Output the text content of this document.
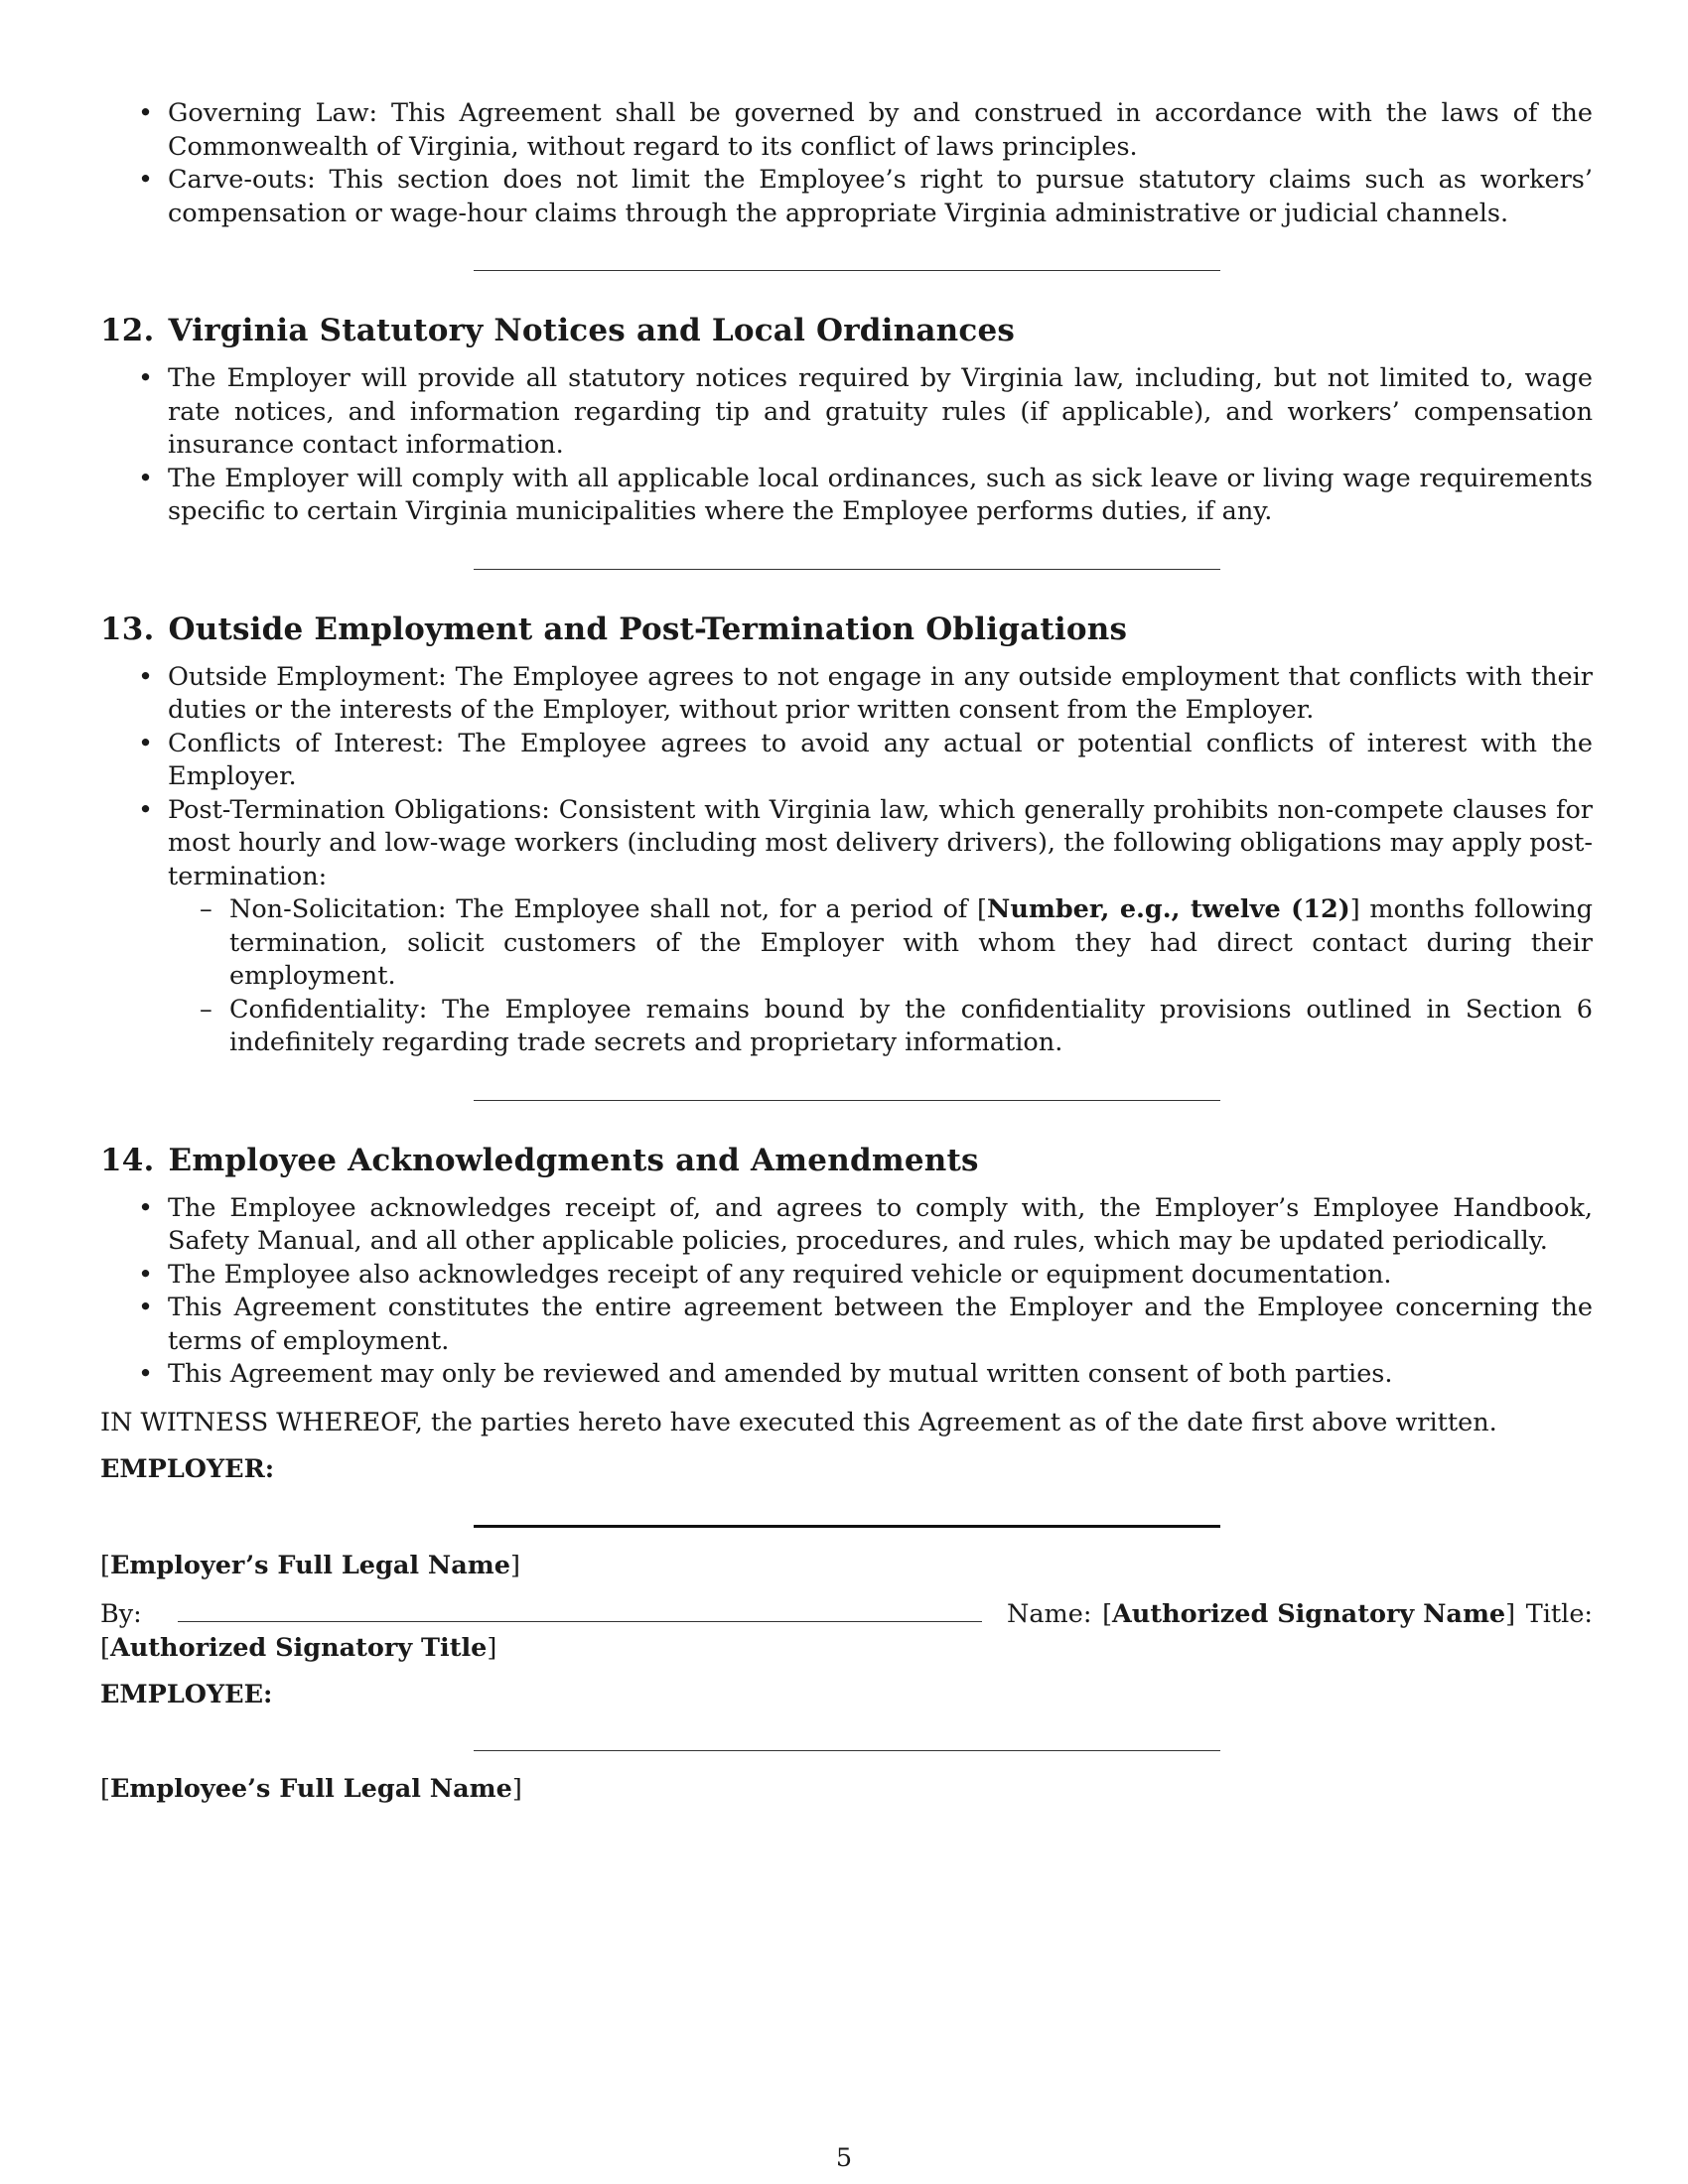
• Governing Law: This Agreement shall be governed by and construed in accordance with the laws of the Commonwealth of Virginia, without regard to its conflict of laws principles.
• Carve-outs: This section does not limit the Employee’s right to pursue statutory claims such as workers’ compensation or wage-hour claims through the appropriate Virginia administrative or judicial channels.
12. Virginia Statutory Notices and Local Ordinances
• The Employer will provide all statutory notices required by Virginia law, including, but not limited to, wage rate notices, and information regarding tip and gratuity rules (if applicable), and workers’ compensation insurance contact information.
• The Employer will comply with all applicable local ordinances, such as sick leave or living wage requirements specific to certain Virginia municipalities where the Employee performs duties, if any.
13. Outside Employment and Post-Termination Obligations
• Outside Employment: The Employee agrees to not engage in any outside employment that conflicts with their duties or the interests of the Employer, without prior written consent from the Employer.
• Conflicts of Interest: The Employee agrees to avoid any actual or potential conflicts of interest with the Employer.
• Post-Termination Obligations: Consistent with Virginia law, which generally prohibits non-compete clauses for most hourly and low-wage workers (including most delivery drivers), the following obligations may apply post-termination:
– Non-Solicitation: The Employee shall not, for a period of [Number, e.g., twelve (12)] months following termination, solicit customers of the Employer with whom they had direct contact during their employment.
– Confidentiality: The Employee remains bound by the confidentiality provisions outlined in Section 6 indefinitely regarding trade secrets and proprietary information.
14. Employee Acknowledgments and Amendments
• The Employee acknowledges receipt of, and agrees to comply with, the Employer’s Employee Handbook, Safety Manual, and all other applicable policies, procedures, and rules, which may be updated periodically.
• The Employee also acknowledges receipt of any required vehicle or equipment documentation.
• This Agreement constitutes the entire agreement between the Employer and the Employee concerning the terms of employment.
• This Agreement may only be reviewed and amended by mutual written consent of both parties.
IN WITNESS WHEREOF, the parties hereto have executed this Agreement as of the date first above written.
EMPLOYER:
[Employer’s Full Legal Name]
By:	Name: [Authorized Signatory Name] Title:
[Authorized Signatory Title]
EMPLOYEE:
[Employee’s Full Legal Name]
5
